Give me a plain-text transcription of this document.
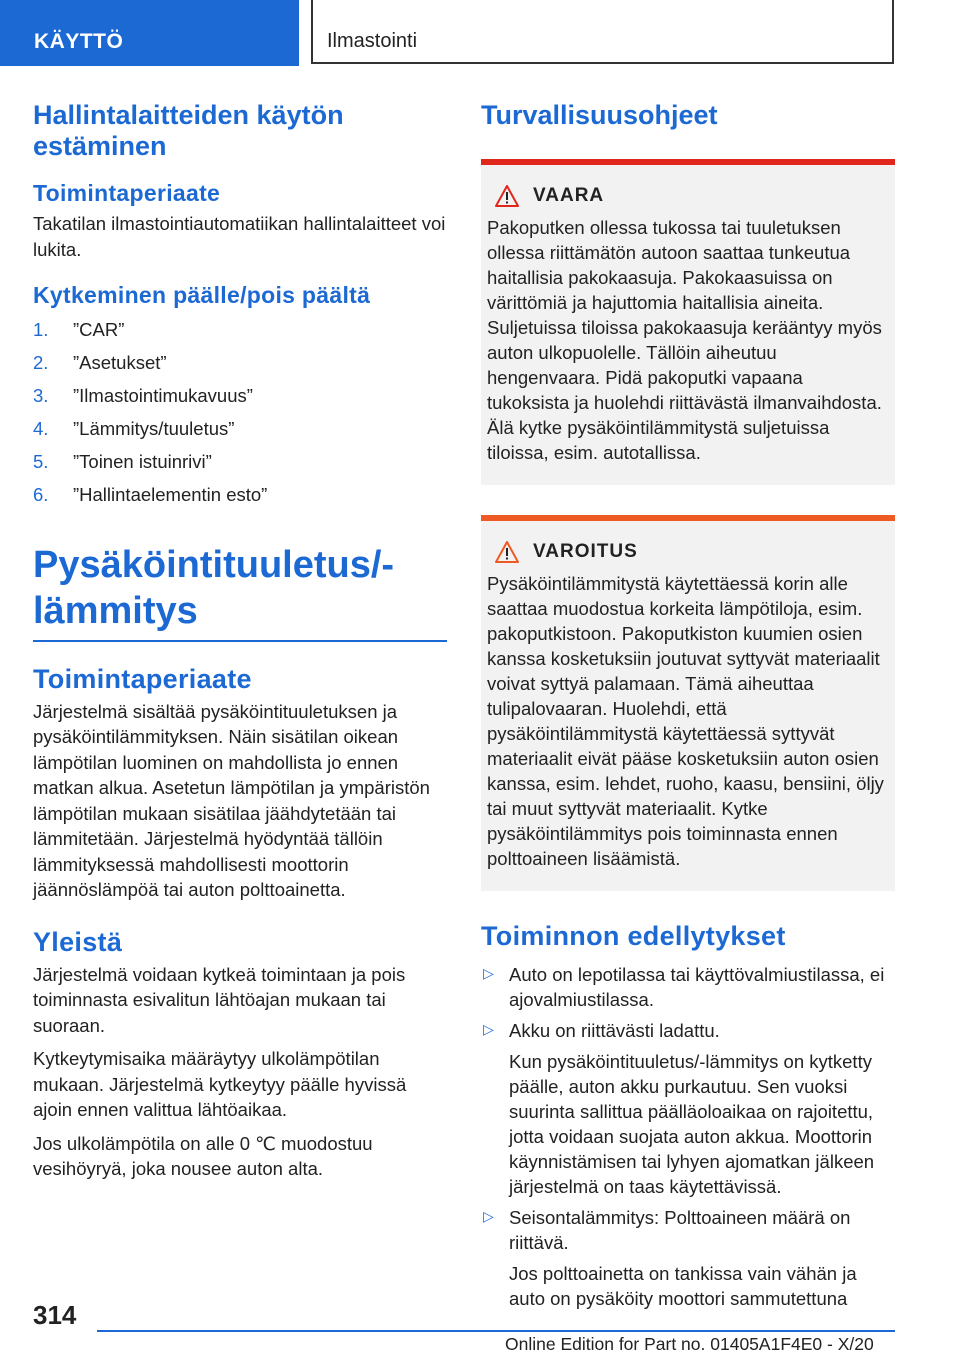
KÄYTTÖ	Ilmastointi
Hallintalaitteiden käytön estäminen
Toimintaperiaate

Takatilan ilmastointiautomatiikan hallintalaitteet voi lukita.

Kytkeminen päälle/pois päältä
1. ”CAR”
2. ”Asetukset”
3. ”Ilmastointimukavuus”
4. ”Lämmitys/tuuletus”
5. ”Toinen istuinrivi”
6. ”Hallintaelementin esto”
Pysäköintituuletus/-lämmitys
Toimintaperiaate

Järjestelmä sisältää pysäköintituuletuksen ja pysäköintilämmityksen. Näin sisätilan oikean lämpötilan luominen on mahdollista jo ennen matkan alkua. Asetetun lämpötilan ja ympäristön lämpötilan mukaan sisätilaa jäähdytetään tai lämmitetään. Järjestelmä hyödyntää tällöin lämmityksessä mahdollisesti moottorin jäännöslämpöä tai auton polttoainetta.

Yleistä

Järjestelmä voidaan kytkeä toimintaan ja pois toiminnasta esivalitun lähtöajan mukaan tai suoraan.

Kytkeytymisaika määräytyy ulkolämpötilan mukaan. Järjestelmä kytkeytyy päälle hyvissä ajoin ennen valittua lähtöaikaa.

Jos ulkolämpötila on alle 0 ℃ muodostuu vesihöyryä, joka nousee auton alta.

Turvallisuusohjeet
VAARA

Pakoputken ollessa tukossa tai tuuletuksen ollessa riittämätön autoon saattaa tunkeutua haitallisia pakokaasuja. Pakokaasuissa on värittömiä ja hajuttomia haitallisia aineita. Suljetuissa tiloissa pakokaasuja kerääntyy myös auton ulkopuolelle. Tällöin aiheutuu hengenvaara. Pidä pakoputki vapaana tukoksista ja huolehdi riittävästä ilmanvaihdosta. Älä kytke pysäköintilämmitystä suljetuissa tiloissa, esim. autotallissa.

VAROITUS

Pysäköintilämmitystä käytettäessä korin alle saattaa muodostua korkeita lämpötiloja, esim. pakoputkistoon. Pakoputkiston kuumien osien kanssa kosketuksiin joutuvat syttyvät materiaalit voivat syttyä palamaan. Tämä aiheuttaa tulipalovaaran. Huolehdi, että pysäköintilämmitystä käytettäessä syttyvät materiaalit eivät pääse kosketuksiin auton osien kanssa, esim. lehdet, ruoho, kaasu, bensiini, öljy tai muut syttyvät materiaalit. Kytke pysäköintilämmitys pois toiminnasta ennen polttoaineen lisäämistä.

Toiminnon edellytykset
▷ Auto on lepotilassa tai käyttövalmiustilassa, ei ajovalmiustilassa.

▷ Akku on riittävästi ladattu.

Kun pysäköintituuletus/-lämmitys on kytketty päälle, auton akku purkautuu. Sen vuoksi suurinta sallittua päälläoloaikaa on rajoitettu, jotta voidaan suojata auton akkua. Moottorin käynnistämisen tai lyhyen ajomatkan jälkeen järjestelmä on taas käytettävissä.

▷ Seisontalämmitys: Polttoaineen määrä on riittävä.

Jos polttoainetta on tankissa vain vähän ja auto on pysäköity moottori sammutettuna

314
Online Edition for Part no. 01405A1F4E0 - X/20
